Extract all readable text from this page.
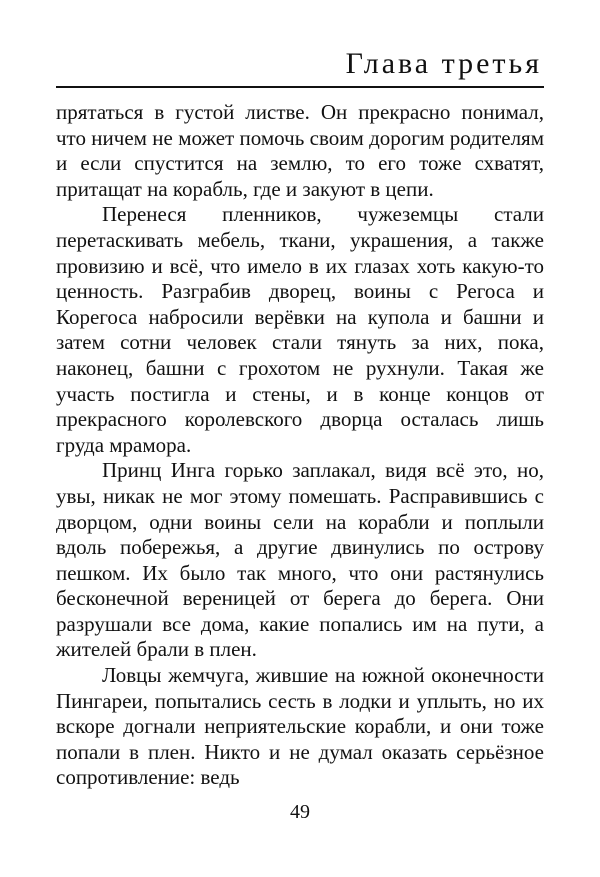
Глава третья

прятаться в густой листве. Он прекрасно понимал, что ничем не может помочь своим дорогим родителям и если спустится на землю, то его тоже схватят, притащат на корабль, где и закуют в цепи.

Перенеся пленников, чужеземцы стали перетаскивать мебель, ткани, украшения, а также провизию и всё, что имело в их глазах хоть какую-то ценность. Разграбив дворец, воины с Регоса и Корегоса набросили верёвки на купола и башни и затем сотни человек стали тянуть за них, пока, наконец, башни с грохотом не рухнули. Такая же участь постигла и стены, и в конце концов от прекрасного королевского дворца осталась лишь груда мрамора.

Принц Инга горько заплакал, видя всё это, но, увы, никак не мог этому помешать. Расправившись с дворцом, одни воины сели на корабли и поплыли вдоль побережья, а другие двинулись по острову пешком. Их было так много, что они растянулись бесконечной вереницей от берега до берега. Они разрушали все дома, какие попались им на пути, а жителей брали в плен.

Ловцы жемчуга, жившие на южной оконечности Пингареи, попытались сесть в лодки и уплыть, но их вскоре догнали неприятельские корабли, и они тоже попали в плен. Никто и не думал оказать серьёзное сопротивление: ведь

49
